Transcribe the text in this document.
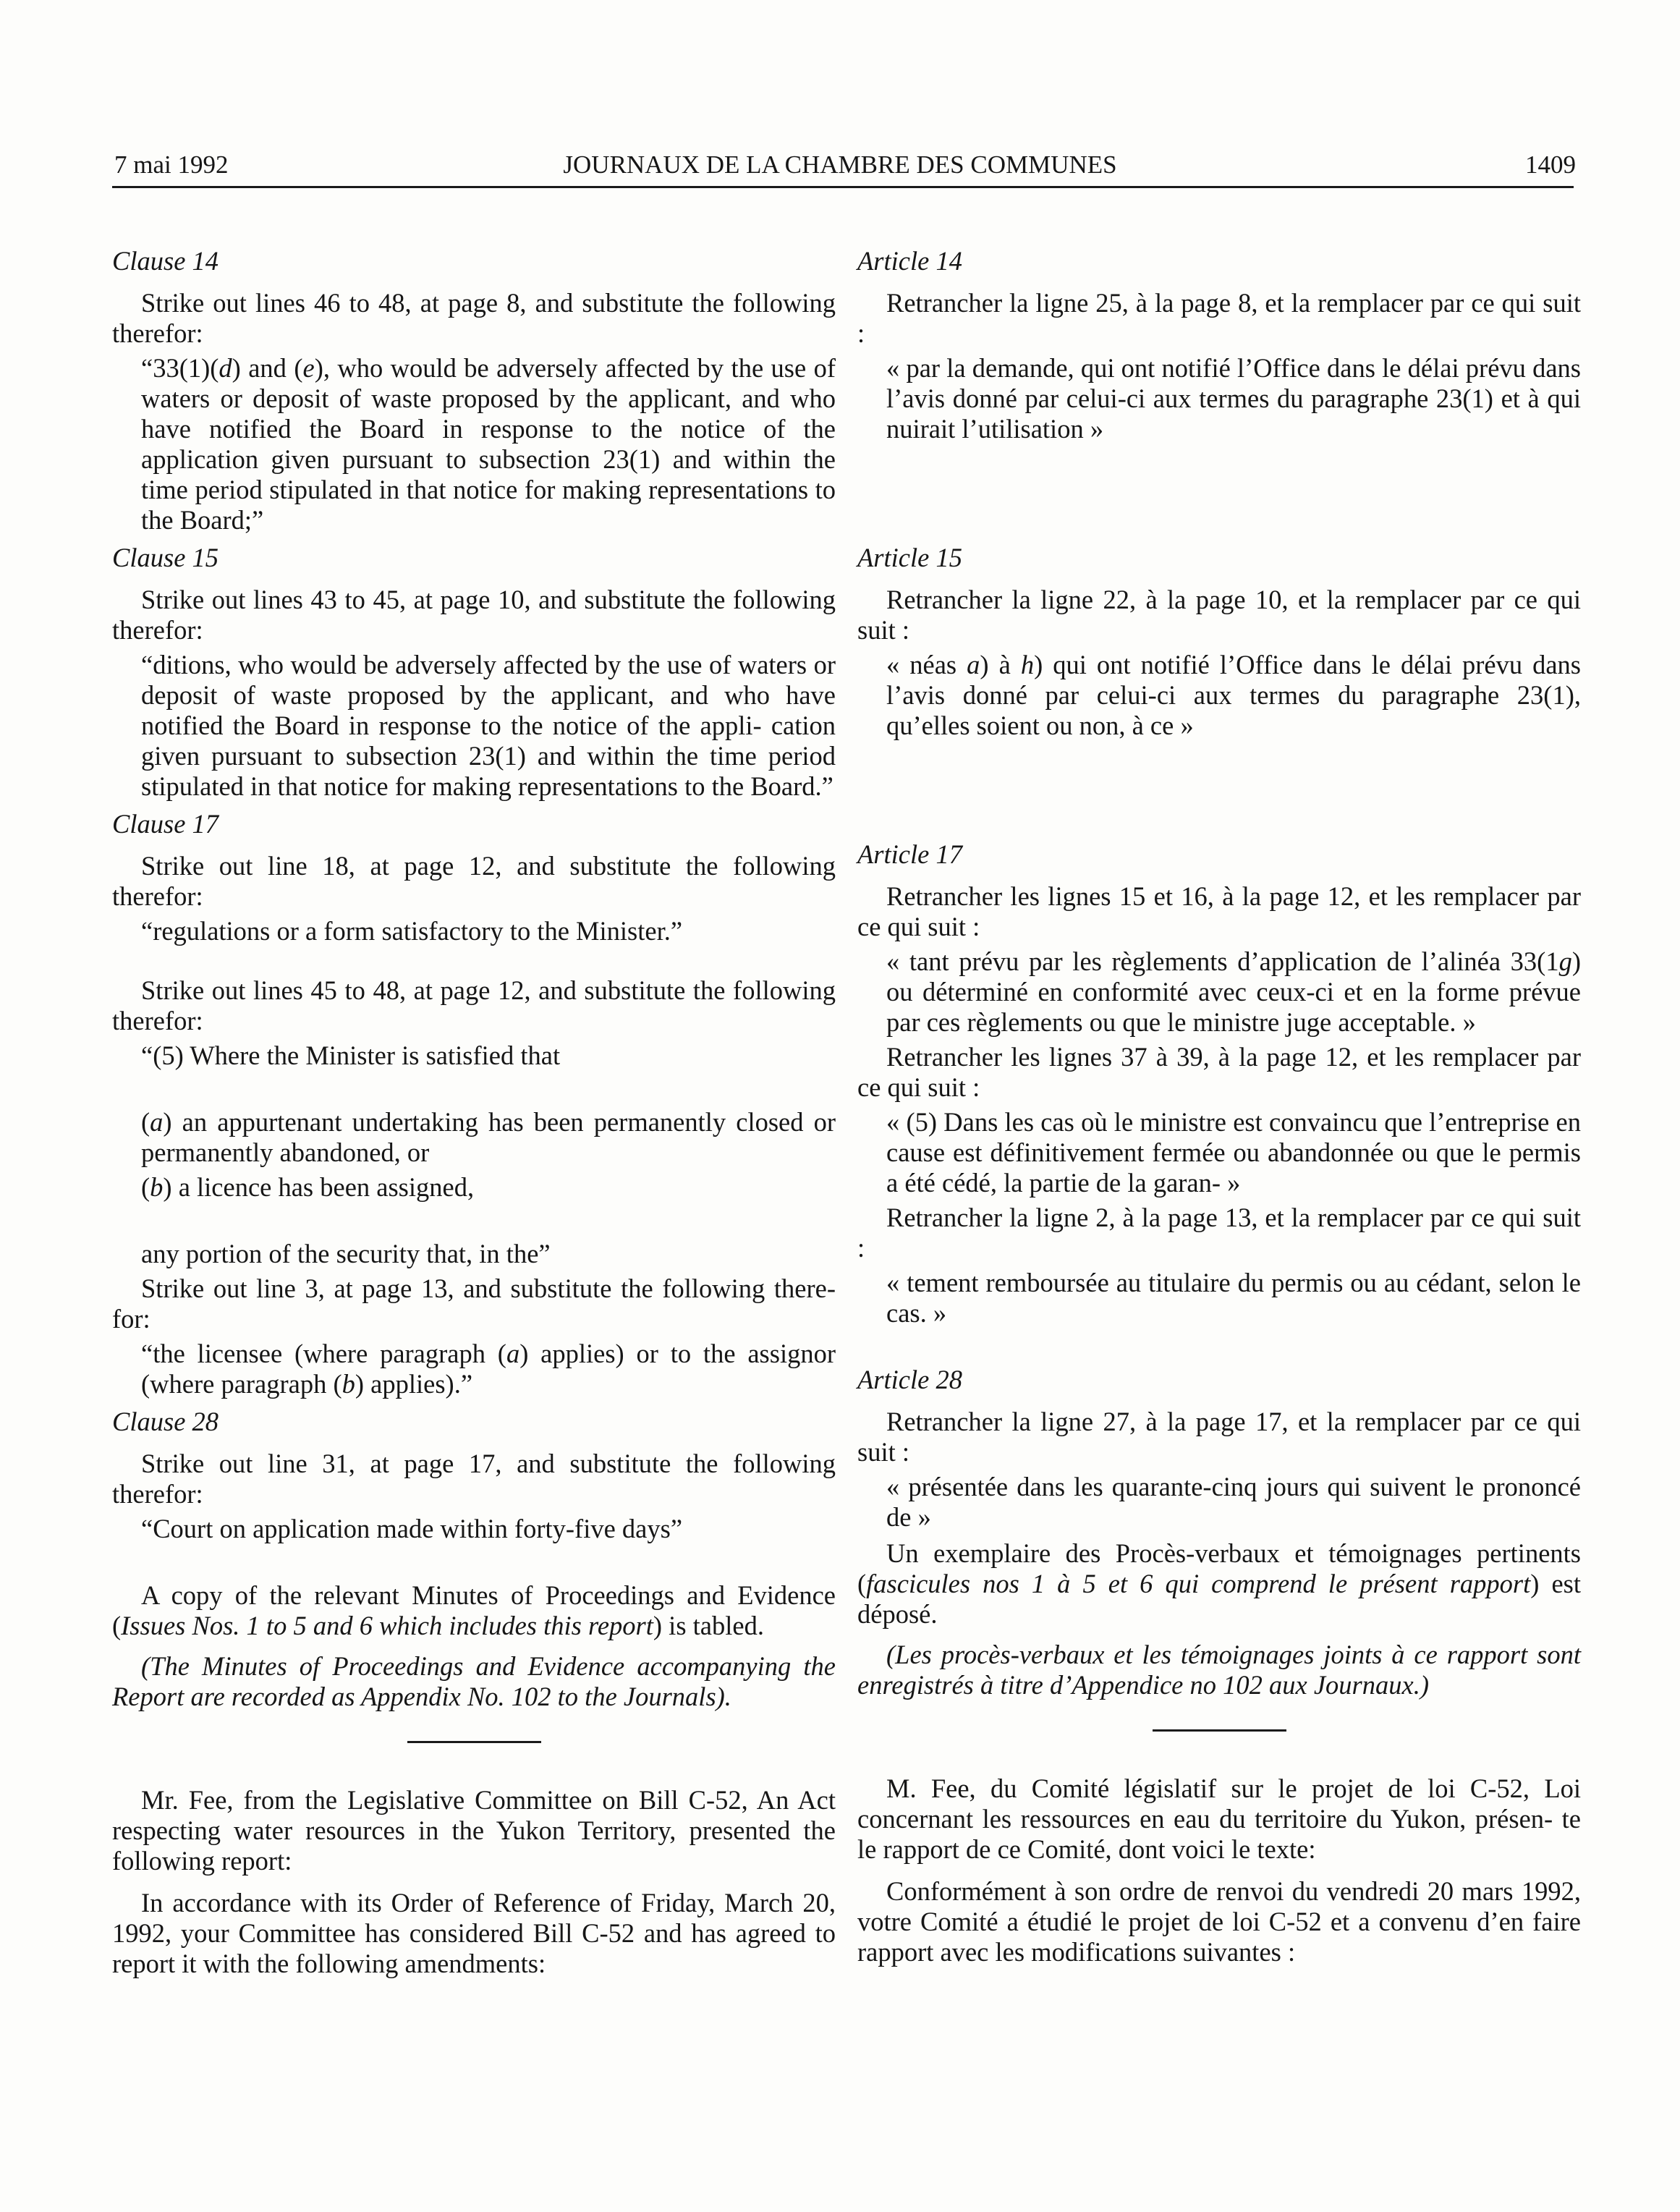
7 mai 1992	JOURNAUX DE LA CHAMBRE DES COMMUNES	1409

Clause 14

Strike out lines 46 to 48, at page 8, and substitute the following therefor:

“33(1)(d) and (e), who would be adversely affected by the use of waters or deposit of waste proposed by the applicant, and who have notified the Board in response to the notice of the application given pursuant to subsection 23(1) and within the time period stipulated in that notice for making representations to the Board;”

Clause 15

Strike out lines 43 to 45, at page 10, and substitute the following therefor:

“ditions, who would be adversely affected by the use of waters or deposit of waste proposed by the applicant, and who have notified the Board in response to the notice of the appli- cation given pursuant to subsection 23(1) and within the time period stipulated in that notice for making representations to the Board.”

Clause 17

Strike out line 18, at page 12, and substitute the following therefor:

“regulations or a form satisfactory to the Minister.”

Strike out lines 45 to 48, at page 12, and substitute the following therefor:

“(5) Where the Minister is satisfied that

(a) an appurtenant undertaking has been permanently closed or permanently abandoned, or

(b) a licence has been assigned,

any portion of the security that, in the”

Strike out line 3, at page 13, and substitute the following there- for:

“the licensee (where paragraph (a) applies) or to the assignor (where paragraph (b) applies).”

Clause 28

Strike out line 31, at page 17, and substitute the following therefor:

“Court on application made within forty-five days”

A copy of the relevant Minutes of Proceedings and Evidence (Issues Nos. 1 to 5 and 6 which includes this report) is tabled.

(The Minutes of Proceedings and Evidence accompanying the Report are recorded as Appendix No. 102 to the Journals).

Mr. Fee, from the Legislative Committee on Bill C-52, An Act respecting water resources in the Yukon Territory, presented the following report:

In accordance with its Order of Reference of Friday, March 20, 1992, your Committee has considered Bill C-52 and has agreed to report it with the following amendments:

Article 14

Retrancher la ligne 25, à la page 8, et la remplacer par ce qui suit :

« par la demande, qui ont notifié l’Office dans le délai prévu dans l’avis donné par celui-ci aux termes du paragraphe 23(1) et à qui nuirait l’utilisation »

Article 15

Retrancher la ligne 22, à la page 10, et la remplacer par ce qui suit :

« néas a) à h) qui ont notifié l’Office dans le délai prévu dans l’avis donné par celui-ci aux termes du paragraphe 23(1), qu’elles soient ou non, à ce »

Article 17

Retrancher les lignes 15 et 16, à la page 12, et les remplacer par ce qui suit :

« tant prévu par les règlements d’application de l’alinéa 33(1g) ou déterminé en conformité avec ceux-ci et en la forme prévue par ces règlements ou que le ministre juge acceptable. »

Retrancher les lignes 37 à 39, à la page 12, et les remplacer par ce qui suit :

« (5) Dans les cas où le ministre est convaincu que l’entreprise en cause est définitivement fermée ou abandonnée ou que le permis a été cédé, la partie de la garan- »

Retrancher la ligne 2, à la page 13, et la remplacer par ce qui suit :

« tement remboursée au titulaire du permis ou au cédant, selon le cas. »

Article 28

Retrancher la ligne 27, à la page 17, et la remplacer par ce qui suit :

« présentée dans les quarante-cinq jours qui suivent le prononcé de »

Un exemplaire des Procès-verbaux et témoignages pertinents (fascicules nos 1 à 5 et 6 qui comprend le présent rapport) est déposé.

(Les procès-verbaux et les témoignages joints à ce rapport sont enregistrés à titre d’Appendice no 102 aux Journaux.)

M. Fee, du Comité législatif sur le projet de loi C-52, Loi concernant les ressources en eau du territoire du Yukon, présen- te le rapport de ce Comité, dont voici le texte:

Conformément à son ordre de renvoi du vendredi 20 mars 1992, votre Comité a étudié le projet de loi C-52 et a convenu d’en faire rapport avec les modifications suivantes :
